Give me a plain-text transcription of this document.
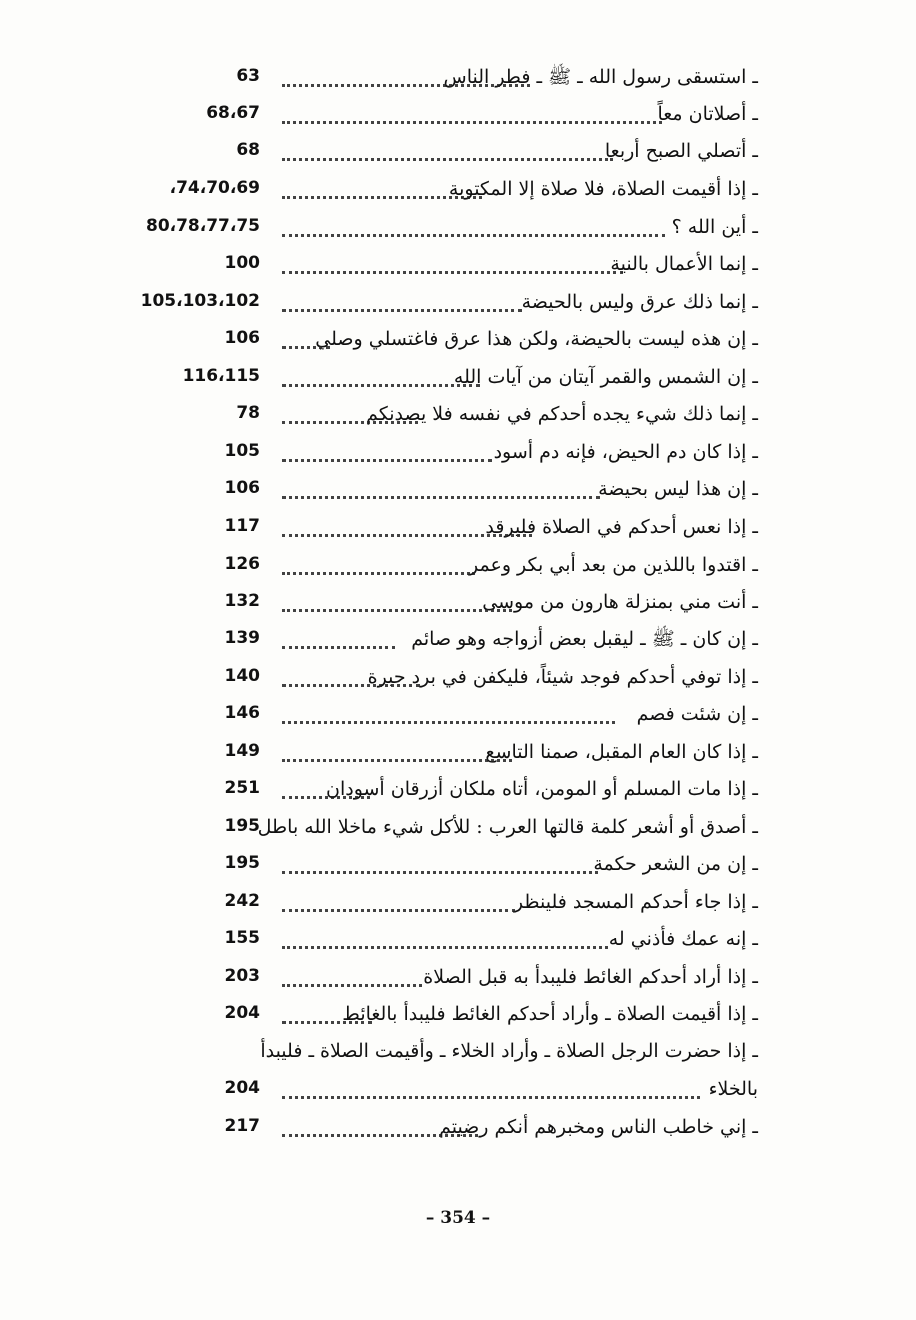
ـ استسقى رسول الله ـ ﷺ ـ فطر الناس
63
ـ أصلاتان معاً
68،67
ـ أتصلي الصبح أربعا
68
ـ إذا أقيمت الصلاة، فلا صلاة إلا المكتوبة
،74،70،69
ـ أين الله ؟
80،78،77،75
ـ إنما الأعمال بالنية
100
ـ إنما ذلك عرق وليس بالحيضة
105،103،102
ـ إن هذه ليست بالحيضة، ولكن هذا عرق فاغتسلي وصلي
106
ـ إن الشمس والقمر آيتان من آيات الله
116،115
ـ إنما ذلك شيء يجده أحدكم في نفسه فلا يصدنكم
78
ـ إذا كان دم الحيض، فإنه دم أسود
105
ـ إن هذا ليس بحيضة
106
ـ إذا نعس أحدكم في الصلاة فليرقد
117
ـ اقتدوا باللذين من بعد أبي بكر وعمر
126
ـ أنت مني بمنزلة هارون من موسى
132
ـ إن كان ـ ﷺ ـ ليقبل بعض أزواجه وهو صائم
139
ـ إذا توفي أحدكم فوجد شيئاً، فليكفن في برد حبرة
140
ـ إن شئت فصم
146
ـ إذا كان العام المقبل، صمنا التاسع
149
ـ إذا مات المسلم أو المومن، أتاه ملكان أزرقان أسودان
251
ـ أصدق أو أشعر كلمة قالتها العرب : للأكل شيء ماخلا الله باطل
195
ـ إن من الشعر حكمة
195
ـ إذا جاء أحدكم المسجد فلينظر
242
ـ إنه عمك فأذني له
155
ـ إذا أراد أحدكم الغائط فليبدأ به قبل الصلاة
203
ـ إذا أقيمت الصلاة ـ وأراد أحدكم الغائط فليبدأ بالغائط
204
ـ إذا حضرت الرجل الصلاة ـ وأراد الخلاء ـ وأقيمت الصلاة ـ فليبدأ
بالخلاء
204
ـ إني خاطب الناس ومخبرهم أنكم رضيتم
217
– 354 –
